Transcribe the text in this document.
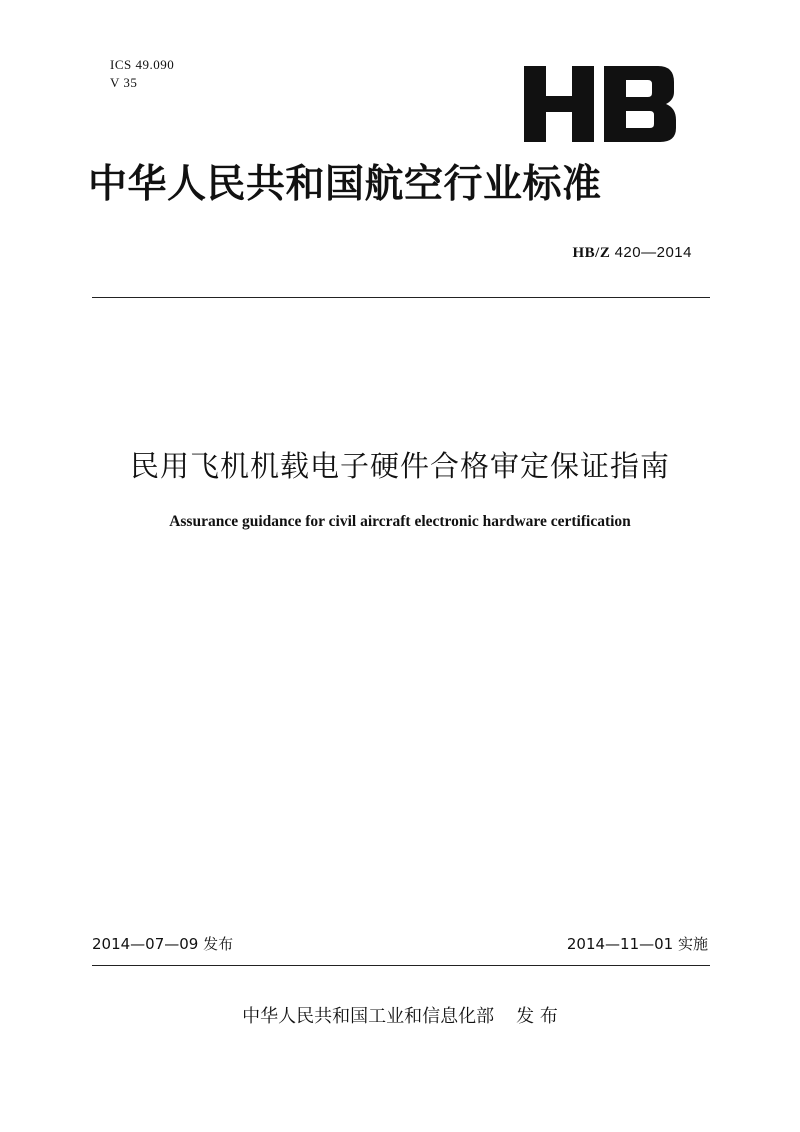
ICS 49.090
V 35
中华人民共和国航空行业标准
HB/Z 420—2014
民用飞机机载电子硬件合格审定保证指南
Assurance guidance for civil aircraft electronic hardware certification
2014—07—09 发布	2014—11—01 实施
中华人民共和国工业和信息化部 发 布
